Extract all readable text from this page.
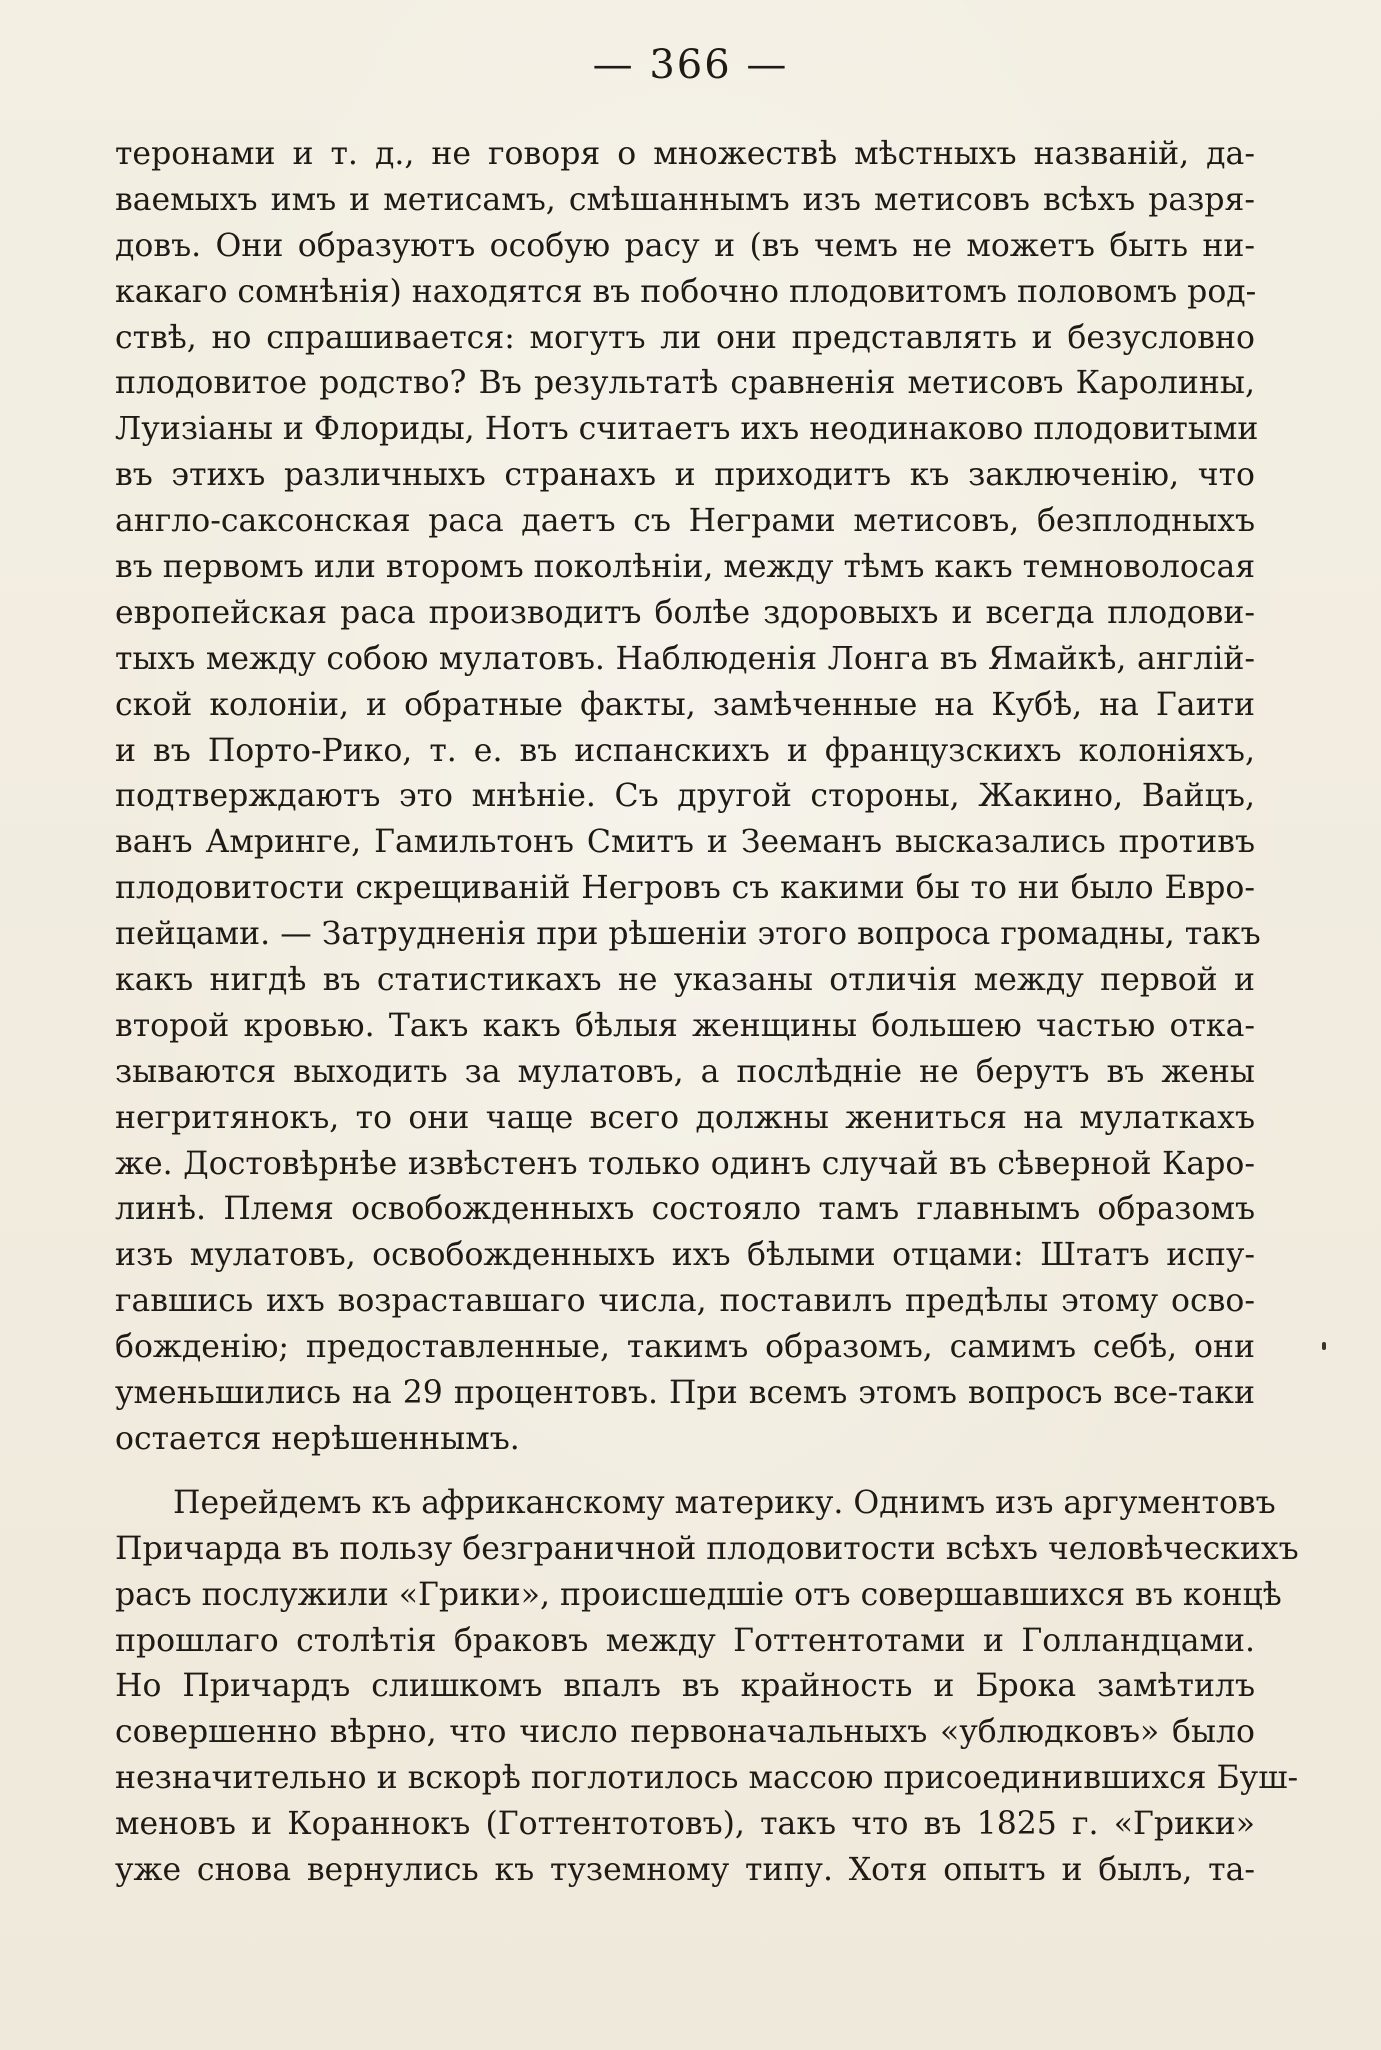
— 366 —
теронами и т. д., не говоря о множествѣ мѣстныхъ названій, да-
ваемыхъ имъ и метисамъ, смѣшаннымъ изъ метисовъ всѣхъ разря-
довъ. Они образуютъ особую расу и (въ чемъ не можетъ быть ни-
какаго сомнѣнія) находятся въ побочно плодовитомъ половомъ род-
ствѣ, но спрашивается: могутъ ли они представлять и безусловно
плодовитое родство? Въ результатѣ сравненія метисовъ Каролины,
Луизіаны и Флориды, Нотъ считаетъ ихъ неодинаково плодовитыми
въ этихъ различныхъ странахъ и приходитъ къ заключенію, что
англо-саксонская раса даетъ съ Неграми метисовъ, безплодныхъ
въ первомъ или второмъ поколѣніи, между тѣмъ какъ темноволосая
европейская раса производитъ болѣе здоровыхъ и всегда плодови-
тыхъ между собою мулатовъ. Наблюденія Лонга въ Ямайкѣ, англій-
ской колоніи, и обратные факты, замѣченные на Кубѣ, на Гаити
и въ Порто-Рико, т. е. въ испанскихъ и французскихъ колоніяхъ,
подтверждаютъ это мнѣніе. Съ другой стороны, Жакино, Вайцъ,
ванъ Амринге, Гамильтонъ Смитъ и Зееманъ высказались противъ
плодовитости скрещиваній Негровъ съ какими бы то ни было Евро-
пейцами. — Затрудненія при рѣшеніи этого вопроса громадны, такъ
какъ нигдѣ въ статистикахъ не указаны отличія между первой и
второй кровью. Такъ какъ бѣлыя женщины большею частью отка-
зываются выходить за мулатовъ, а послѣдніе не берутъ въ жены
негритянокъ, то они чаще всего должны жениться на мулаткахъ
же. Достовѣрнѣе извѣстенъ только одинъ случай въ сѣверной Каро-
линѣ. Племя освобожденныхъ состояло тамъ главнымъ образомъ
изъ мулатовъ, освобожденныхъ ихъ бѣлыми отцами: Штатъ испу-
гавшись ихъ возраставшаго числа, поставилъ предѣлы этому осво-
божденію; предоставленные, такимъ образомъ, самимъ себѣ, они
уменьшились на 29 процентовъ. При всемъ этомъ вопросъ все-таки
остается нерѣшеннымъ.
Перейдемъ къ африканскому материку. Однимъ изъ аргументовъ
Причарда въ пользу безграничной плодовитости всѣхъ человѣческихъ
расъ послужили «Грики», происшедшіе отъ совершавшихся въ концѣ
прошлаго столѣтія браковъ между Готтентотами и Голландцами.
Но Причардъ слишкомъ впалъ въ крайность и Брока замѣтилъ
совершенно вѣрно, что число первоначальныхъ «ублюдковъ» было
незначительно и вскорѣ поглотилось массою присоединившихся Буш-
меновъ и Кораннокъ (Готтентотовъ), такъ что въ 1825 г. «Грики»
уже снова вернулись къ туземному типу. Хотя опытъ и былъ, та-
